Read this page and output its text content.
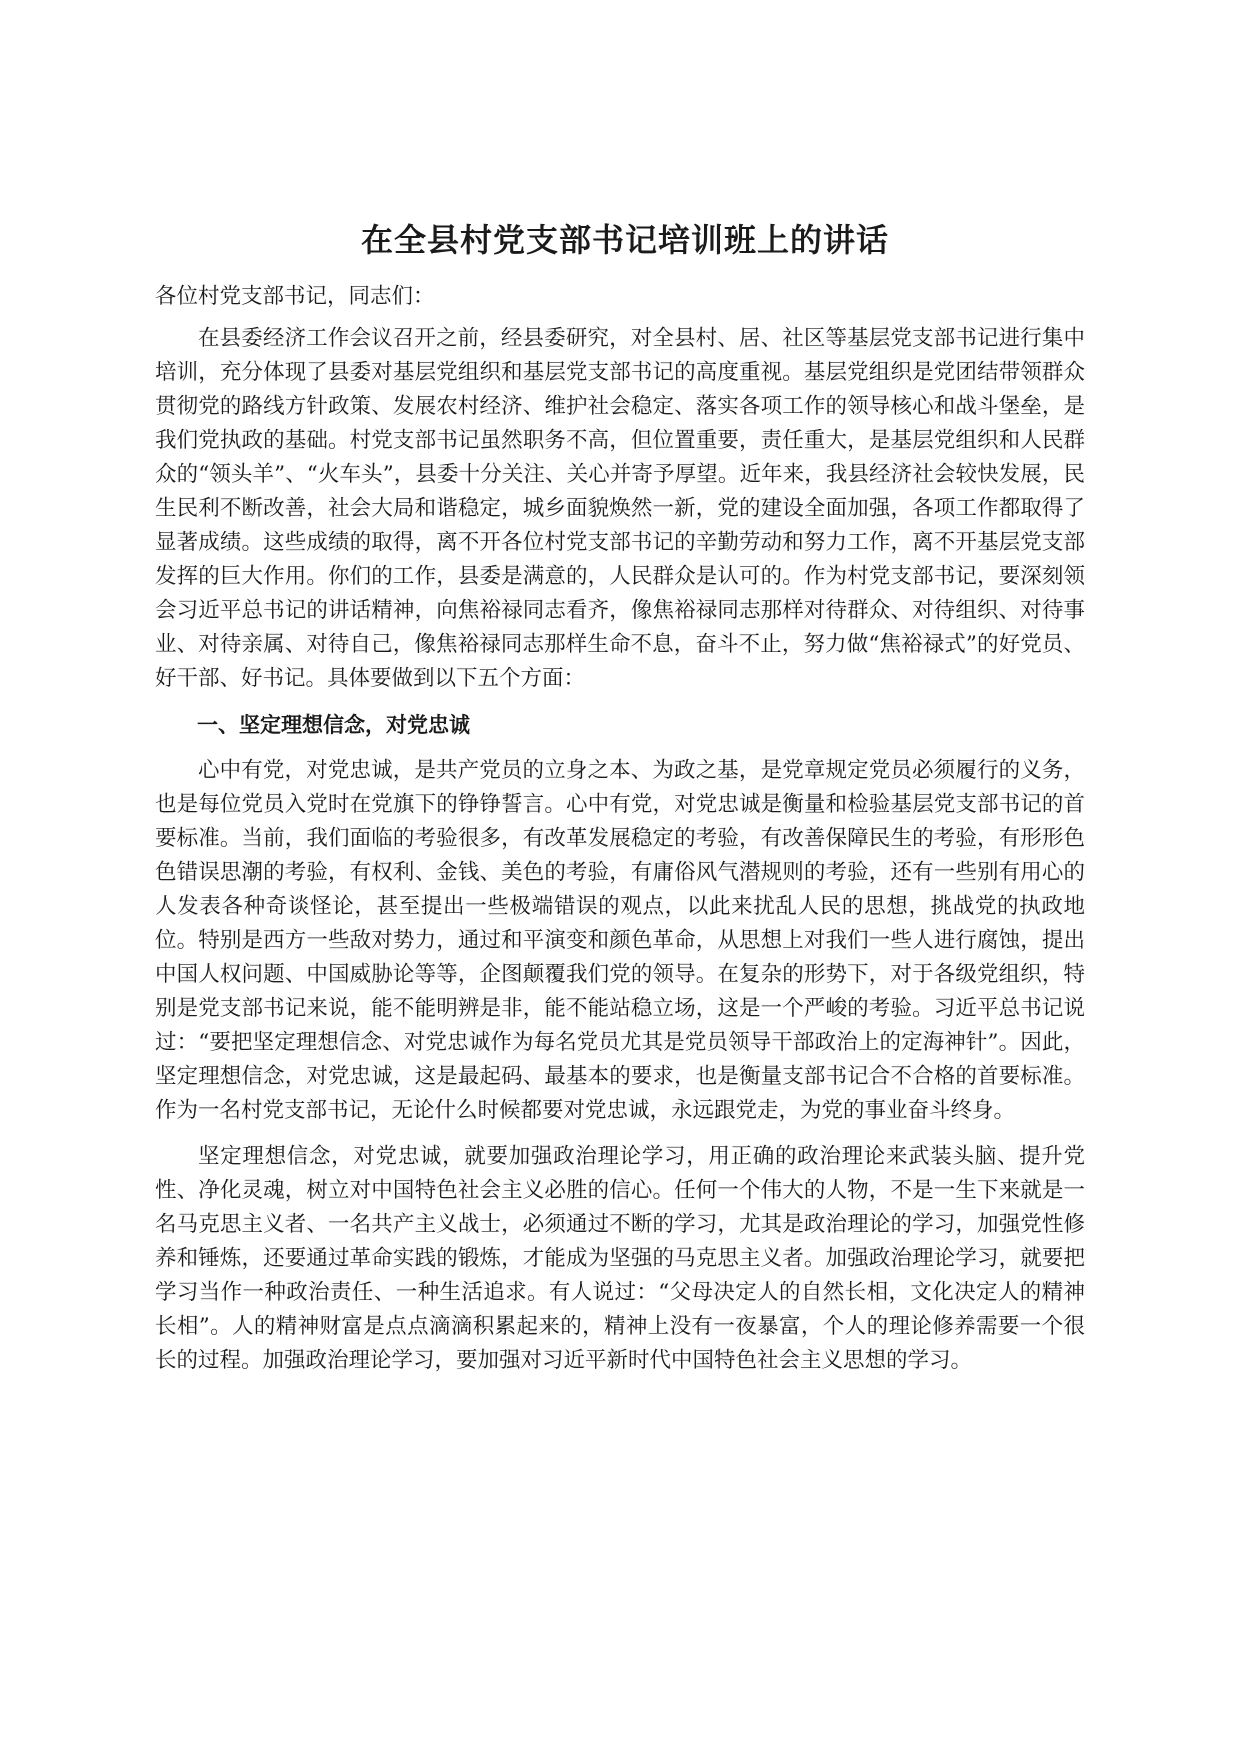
在全县村党支部书记培训班上的讲话

各位村党支部书记，同志们：

在县委经济工作会议召开之前，经县委研究，对全县村、居、社区等基层党支部书记进行集中培训，充分体现了县委对基层党组织和基层党支部书记的高度重视。基层党组织是党团结带领群众贯彻党的路线方针政策、发展农村经济、维护社会稳定、落实各项工作的领导核心和战斗堡垒，是我们党执政的基础。村党支部书记虽然职务不高，但位置重要，责任重大，是基层党组织和人民群众的“领头羊”、“火车头”，县委十分关注、关心并寄予厚望。近年来，我县经济社会较快发展，民生民利不断改善，社会大局和谐稳定，城乡面貌焕然一新，党的建设全面加强，各项工作都取得了显著成绩。这些成绩的取得，离不开各位村党支部书记的辛勤劳动和努力工作，离不开基层党支部发挥的巨大作用。你们的工作，县委是满意的，人民群众是认可的。作为村党支部书记，要深刻领会习近平总书记的讲话精神，向焦裕禄同志看齐，像焦裕禄同志那样对待群众、对待组织、对待事业、对待亲属、对待自己，像焦裕禄同志那样生命不息，奋斗不止，努力做“焦裕禄式”的好党员、好干部、好书记。具体要做到以下五个方面：

一、坚定理想信念，对党忠诚

心中有党，对党忠诚，是共产党员的立身之本、为政之基，是党章规定党员必须履行的义务，也是每位党员入党时在党旗下的铮铮誓言。心中有党，对党忠诚是衡量和检验基层党支部书记的首要标准。当前，我们面临的考验很多，有改革发展稳定的考验，有改善保障民生的考验，有形形色色错误思潮的考验，有权利、金钱、美色的考验，有庸俗风气潜规则的考验，还有一些别有用心的人发表各种奇谈怪论，甚至提出一些极端错误的观点，以此来扰乱人民的思想，挑战党的执政地位。特别是西方一些敌对势力，通过和平演变和颜色革命，从思想上对我们一些人进行腐蚀，提出中国人权问题、中国威胁论等等，企图颠覆我们党的领导。在复杂的形势下，对于各级党组织，特别是党支部书记来说，能不能明辨是非，能不能站稳立场，这是一个严峻的考验。习近平总书记说过：“要把坚定理想信念、对党忠诚作为每名党员尤其是党员领导干部政治上的定海神针”。因此，坚定理想信念，对党忠诚，这是最起码、最基本的要求，也是衡量支部书记合不合格的首要标准。作为一名村党支部书记，无论什么时候都要对党忠诚，永远跟党走，为党的事业奋斗终身。

坚定理想信念，对党忠诚，就要加强政治理论学习，用正确的政治理论来武装头脑、提升党性、净化灵魂，树立对中国特色社会主义必胜的信心。任何一个伟大的人物，不是一生下来就是一名马克思主义者、一名共产主义战士，必须通过不断的学习，尤其是政治理论的学习，加强党性修养和锤炼，还要通过革命实践的锻炼，才能成为坚强的马克思主义者。加强政治理论学习，就要把学习当作一种政治责任、一种生活追求。有人说过：“父母决定人的自然长相，文化决定人的精神长相”。人的精神财富是点点滴滴积累起来的，精神上没有一夜暴富，个人的理论修养需要一个很长的过程。加强政治理论学习，要加强对习近平新时代中国特色社会主义思想的学习。
